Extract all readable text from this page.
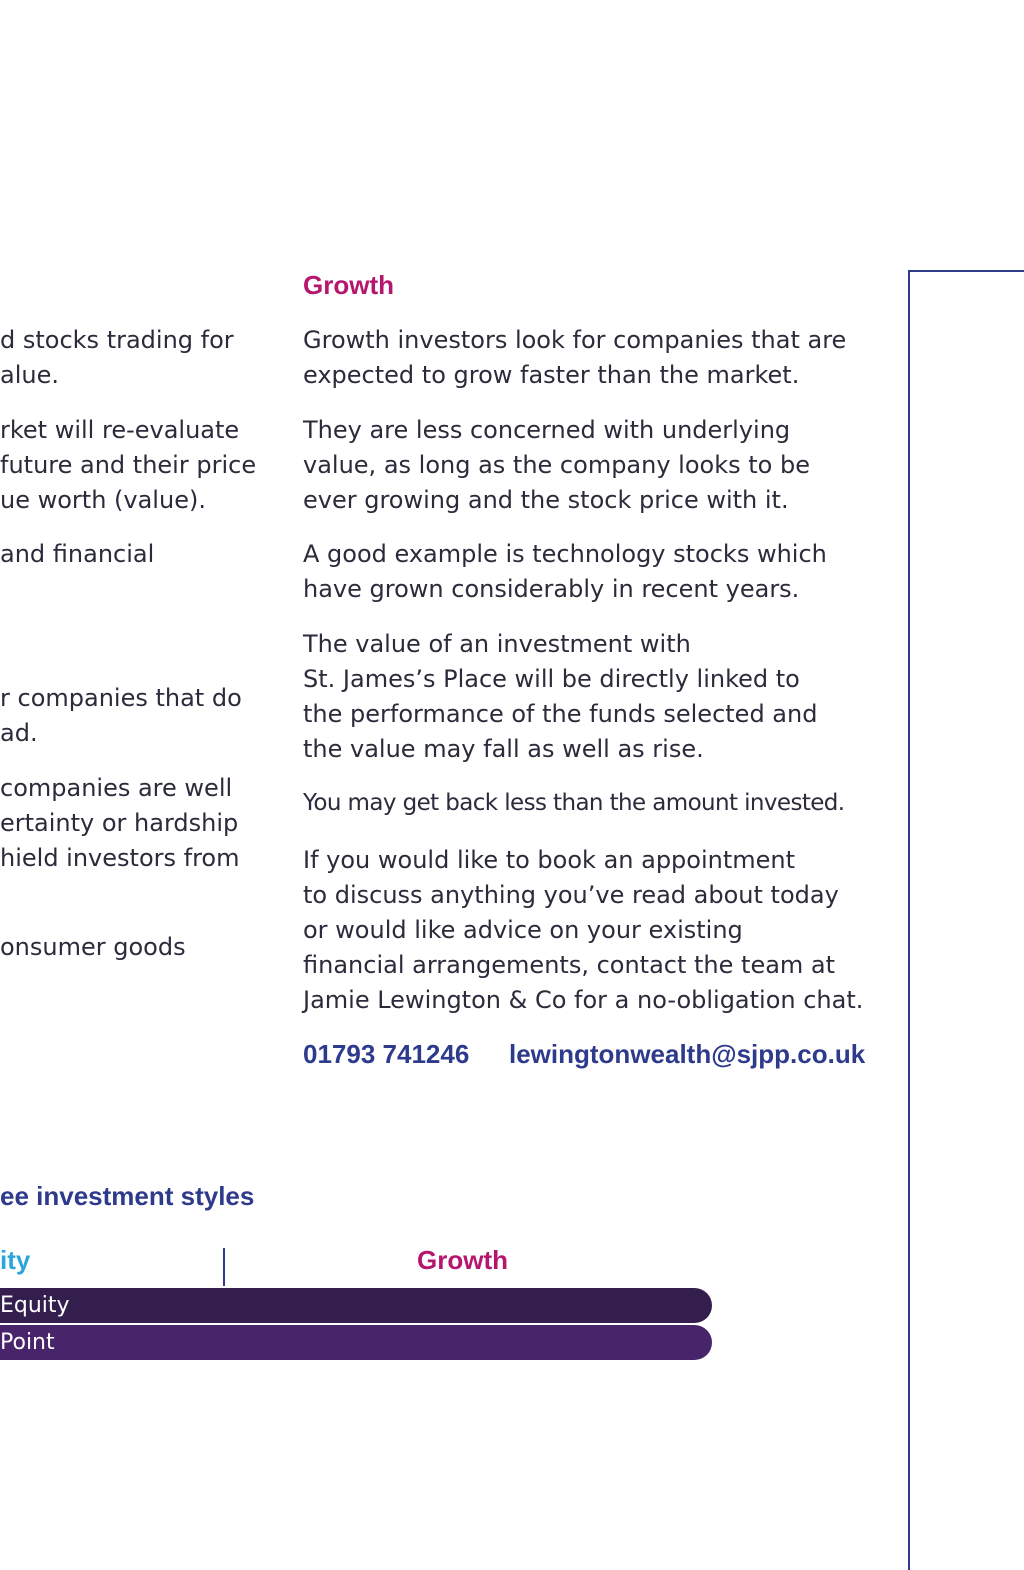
d stocks trading for
alue.

rket will re-evaluate
future and their price
ue worth (value).

and financial

r companies that do
ad.

companies are well
ertainty or hardship
hield investors from

onsumer goods

Growth

Growth investors look for companies that are
expected to grow faster than the market.

They are less concerned with underlying
value, as long as the company looks to be
ever growing and the stock price with it.

A good example is technology stocks which
have grown considerably in recent years.

The value of an investment with
St. James’s Place will be directly linked to
the performance of the funds selected and
the value may fall as well as rise.

You may get back less than the amount invested.

If you would like to book an appointment
to discuss anything you’ve read about today
or would like advice on your existing
financial arrangements, contact the team at
Jamie Lewington & Co for a no-obligation chat.

01793 741246 lewingtonwealth@sjpp.co.uk
ee investment styles
ity	Growth
Equity
Point
